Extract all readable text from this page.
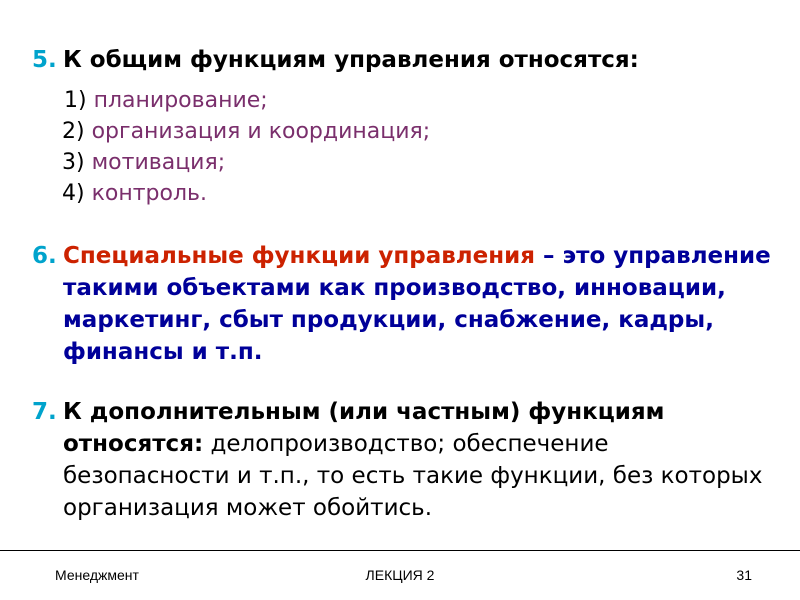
5. К общим функциям управления относятся:
1) планирование;
2) организация и координация;
3) мотивация;
4) контроль.
6. Специальные функции управления – это управление такими объектами как производство, инновации, маркетинг, сбыт продукции, снабжение, кадры, финансы и т.п.
7. К дополнительным (или частным) функциям относятся: делопроизводство; обеспечение безопасности и т.п., то есть такие функции, без которых организация может обойтись.
Менеджмент	ЛЕКЦИЯ 2	31
